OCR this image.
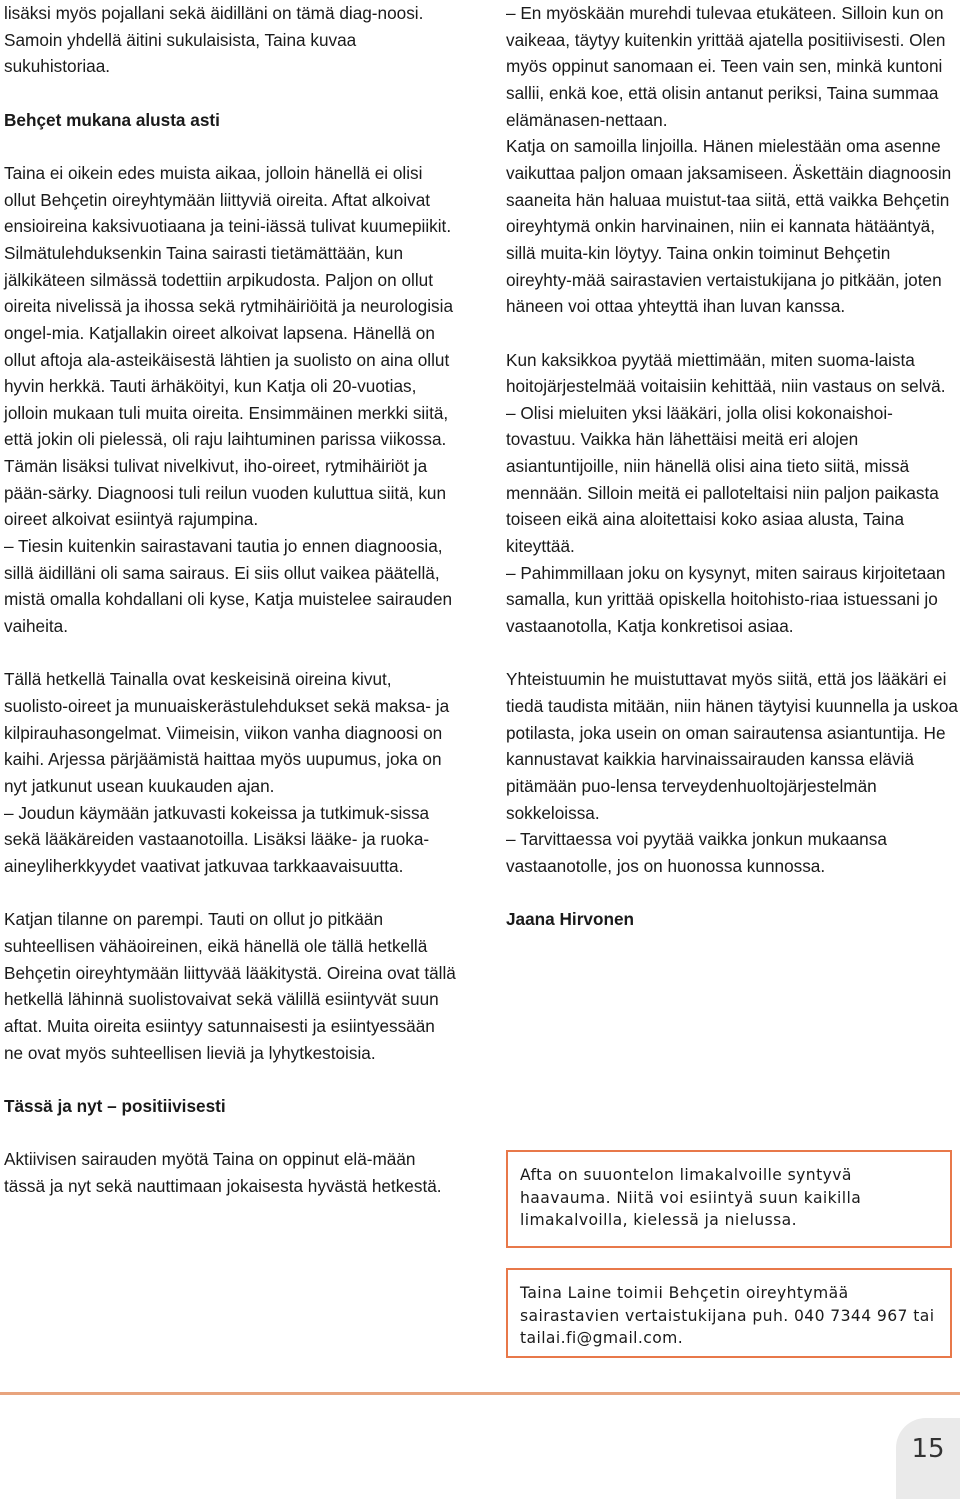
lisäksi myös pojallani sekä äidilläni on tämä diag-noosi. Samoin yhdellä äitini sukulaisista, Taina kuvaa sukuhistoriaa.

Behçet mukana alusta asti

Taina ei oikein edes muista aikaa, jolloin hänellä ei olisi ollut Behçetin oireyhtymään liittyviä oireita. Aftat alkoivat ensioireina kaksivuotiaana ja teini-iässä tulivat kuumepiikit. Silmätulehduksenkin Taina sairasti tietämättään, kun jälkikäteen silmässä todettiin arpikudosta. Paljon on ollut oireita nivelissä ja ihossa sekä rytmihäiriöitä ja neurologisia ongel-mia. Katjallakin oireet alkoivat lapsena. Hänellä on ollut aftoja ala-asteikäisestä lähtien ja suolisto on aina ollut hyvin herkkä. Tauti ärhäköityi, kun Katja oli 20-vuotias, jolloin mukaan tuli muita oireita. Ensimmäinen merkki siitä, että jokin oli pielessä, oli raju laihtuminen parissa viikossa. Tämän lisäksi tulivat nivelkivut, iho-oireet, rytmihäiriöt ja pään-särky. Diagnoosi tuli reilun vuoden kuluttua siitä, kun oireet alkoivat esiintyä rajumpina.

– Tiesin kuitenkin sairastavani tautia jo ennen diagnoosia, sillä äidilläni oli sama sairaus. Ei siis ollut vaikea päätellä, mistä omalla kohdallani oli kyse, Katja muistelee sairauden vaiheita.

Tällä hetkellä Tainalla ovat keskeisinä oireina kivut, suolisto-oireet ja munuaiskerästulehdukset sekä maksa- ja kilpirauhasongelmat. Viimeisin, viikon vanha diagnoosi on kaihi. Arjessa pärjäämistä haittaa myös uupumus, joka on nyt jatkunut usean kuukauden ajan.

– Joudun käymään jatkuvasti kokeissa ja tutkimuk-sissa sekä lääkäreiden vastaanotoilla. Lisäksi lääke- ja ruoka-aineyliherkkyydet vaativat jatkuvaa tarkkaavaisuutta.

Katjan tilanne on parempi. Tauti on ollut jo pitkään suhteellisen vähäoireinen, eikä hänellä ole tällä hetkellä Behçetin oireyhtymään liittyvää lääkitystä. Oireina ovat tällä hetkellä lähinnä suolistovaivat sekä välillä esiintyvät suun aftat. Muita oireita esiintyy satunnaisesti ja esiintyessään ne ovat myös suhteellisen lieviä ja lyhytkestoisia.

Tässä ja nyt – positiivisesti

Aktiivisen sairauden myötä Taina on oppinut elä-mään tässä ja nyt sekä nauttimaan jokaisesta hyvästä hetkestä.

– En myöskään murehdi tulevaa etukäteen. Silloin kun on vaikeaa, täytyy kuitenkin yrittää ajatella positiivisesti. Olen myös oppinut sanomaan ei. Teen vain sen, minkä kuntoni sallii, enkä koe, että olisin antanut periksi, Taina summaa elämänasen-nettaan.

Katja on samoilla linjoilla. Hänen mielestään oma asenne vaikuttaa paljon omaan jaksamiseen. Äskettäin diagnoosin saaneita hän haluaa muistut-taa siitä, että vaikka Behçetin oireyhtymä onkin harvinainen, niin ei kannata hätääntyä, sillä muita-kin löytyy. Taina onkin toiminut Behçetin oireyhty-mää sairastavien vertaistukijana jo pitkään, joten häneen voi ottaa yhteyttä ihan luvan kanssa.

Kun kaksikkoa pyytää miettimään, miten suoma-laista hoitojärjestelmää voitaisiin kehittää, niin vastaus on selvä.

– Olisi mieluiten yksi lääkäri, jolla olisi kokonaishoi-tovastuu. Vaikka hän lähettäisi meitä eri alojen asiantuntijoille, niin hänellä olisi aina tieto siitä, missä mennään. Silloin meitä ei palloteltaisi niin paljon paikasta toiseen eikä aina aloitettaisi koko asiaa alusta, Taina kiteyttää.

– Pahimmillaan joku on kysynyt, miten sairaus kirjoitetaan samalla, kun yrittää opiskella hoitohisto-riaa istuessani jo vastaanotolla, Katja konkretisoi asiaa.

Yhteistuumin he muistuttavat myös siitä, että jos lääkäri ei tiedä taudista mitään, niin hänen täytyisi kuunnella ja uskoa potilasta, joka usein on oman sairautensa asiantuntija. He kannustavat kaikkia harvinaissairauden kanssa eläviä pitämään puo-lensa terveydenhuoltojärjestelmän sokkeloissa.

– Tarvittaessa voi pyytää vaikka jonkun mukaansa vastaanotolle, jos on huonossa kunnossa.

Jaana Hirvonen
Afta on suuontelon limakalvoille syntyvä haavauma. Niitä voi esiintyä suun kaikilla limakalvoilla, kielessä ja nielussa.
Taina Laine toimii Behçetin oireyhtymää sairastavien vertaistukijana puh. 040 7344 967 tai tailai.fi@gmail.com.
15
